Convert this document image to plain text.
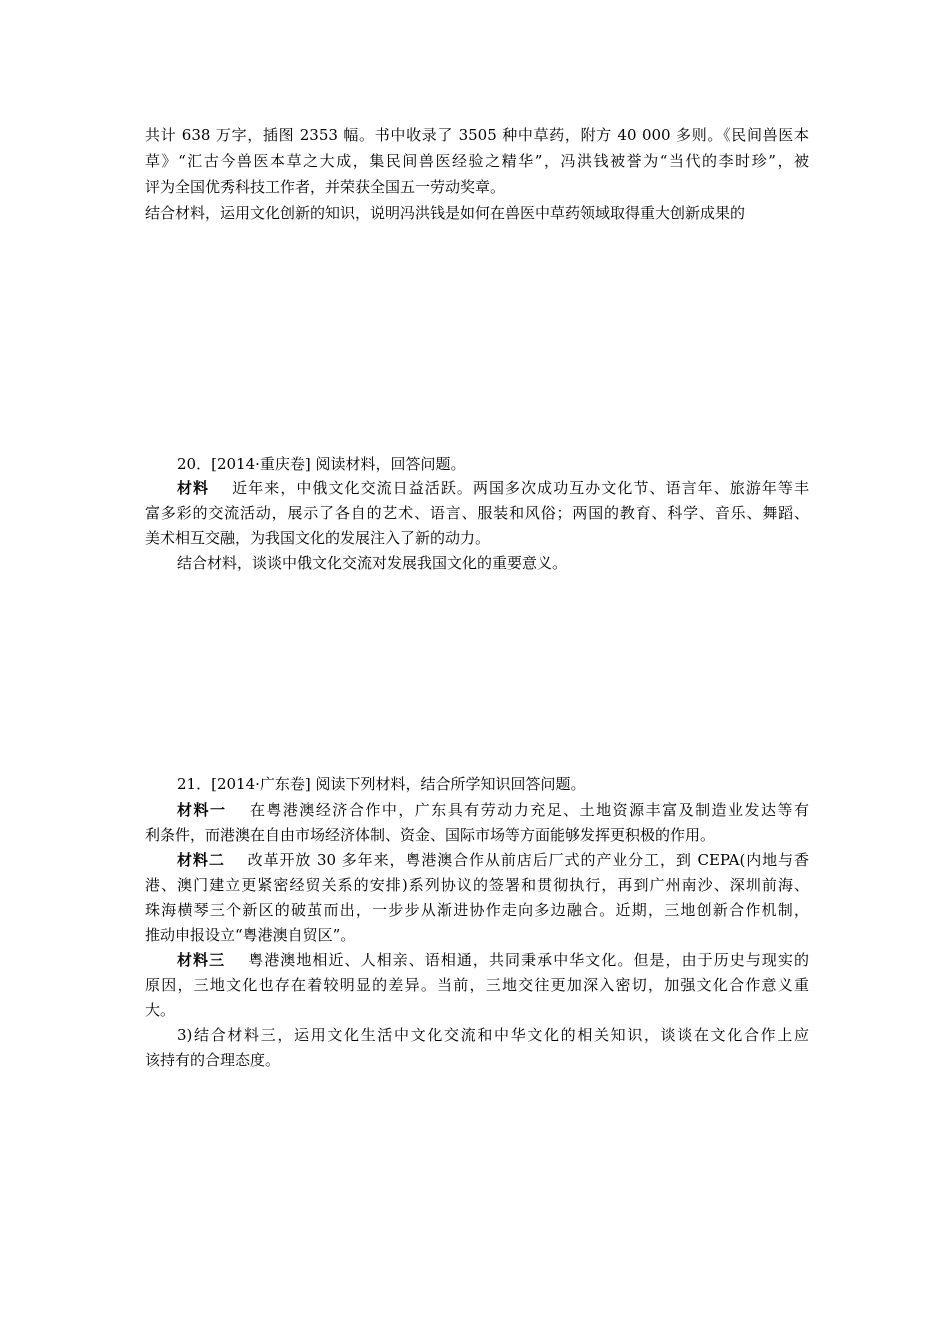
共计 638 万字，插图 2353 幅。书中收录了 3505 种中草药，附方 40 000 多则。《民间兽医本
草》“汇古今兽医本草之大成，集民间兽医经验之精华”，冯洪钱被誉为“当代的李时珍”，被
评为全国优秀科技工作者，并荣获全国五一劳动奖章。
结合材料，运用文化创新的知识，说明冯洪钱是如何在兽医中草药领域取得重大创新成果的
20．[2014·重庆卷] 阅读材料，回答问题。
材料 近年来，中俄文化交流日益活跃。两国多次成功互办文化节、语言年、旅游年等丰
富多彩的交流活动，展示了各自的艺术、语言、服装和风俗；两国的教育、科学、音乐、舞蹈、
美术相互交融，为我国文化的发展注入了新的动力。
结合材料，谈谈中俄文化交流对发展我国文化的重要意义。
21．[2014·广东卷] 阅读下列材料，结合所学知识回答问题。
材料一 在粤港澳经济合作中，广东具有劳动力充足、土地资源丰富及制造业发达等有
利条件，而港澳在自由市场经济体制、资金、国际市场等方面能够发挥更积极的作用。
材料二 改革开放 30 多年来，粤港澳合作从前店后厂式的产业分工，到 CEPA(内地与香
港、澳门建立更紧密经贸关系的安排)系列协议的签署和贯彻执行，再到广州南沙、深圳前海、
珠海横琴三个新区的破茧而出，一步步从渐进协作走向多边融合。近期，三地创新合作机制，
推动申报设立“粤港澳自贸区”。
材料三 粤港澳地相近、人相亲、语相通，共同秉承中华文化。但是，由于历史与现实的
原因，三地文化也存在着较明显的差异。当前，三地交往更加深入密切，加强文化合作意义重
大。
3)结合材料三，运用文化生活中文化交流和中华文化的相关知识，谈谈在文化合作上应
该持有的合理态度。
